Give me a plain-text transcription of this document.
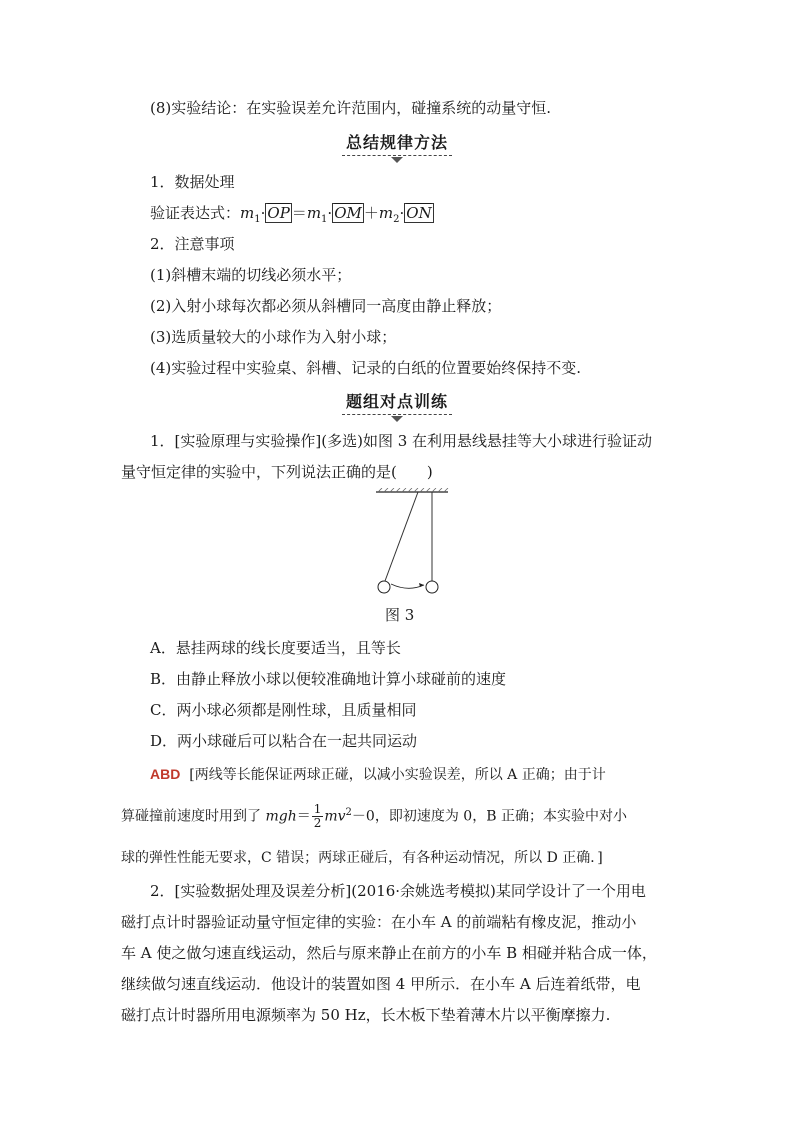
(8)实验结论：在实验误差允许范围内，碰撞系统的动量守恒.
总结规律方法
1．数据处理
验证表达式：$m_1\cdot \overline{OP} =m_1\cdot \overline{OM} +m_2\cdot \overline{ON}$
2．注意事项
(1)斜槽末端的切线必须水平；
(2)入射小球每次都必须从斜槽同一高度由静止释放；
(3)选质量较大的小球作为入射小球；
(4)实验过程中实验桌、斜槽、记录的白纸的位置要始终保持不变.
题组对点训练
1．[实验原理与实验操作](多选)如图 3 在利用悬线悬挂等大小球进行验证动
量守恒定律的实验中，下列说法正确的是(　　)
图 3
A．悬挂两球的线长度要适当，且等长
B．由静止释放小球以便较准确地计算小球碰前的速度
C．两小球必须都是刚性球，且质量相同
D．两小球碰后可以粘合在一起共同运动
ABD [两线等长能保证两球正碰，以减小实验误差，所以 A 正确；由于计
算碰撞前速度时用到了 $mgh= \frac{1}{2} mv^2-0$，即初速度为 0，B 正确；本实验中对小
球的弹性性能无要求，C 错误；两球正碰后，有各种运动情况，所以 D 正确．]
2．[实验数据处理及误差分析](2016·余姚选考模拟)某同学设计了一个用电
磁打点计时器验证动量守恒定律的实验：在小车 A 的前端粘有橡皮泥，推动小
车 A 使之做匀速直线运动，然后与原来静止在前方的小车 B 相碰并粘合成一体，
继续做匀速直线运动．他设计的装置如图 4 甲所示．在小车 A 后连着纸带，电
磁打点计时器所用电源频率为 50 Hz，长木板下垫着薄木片以平衡摩擦力.
